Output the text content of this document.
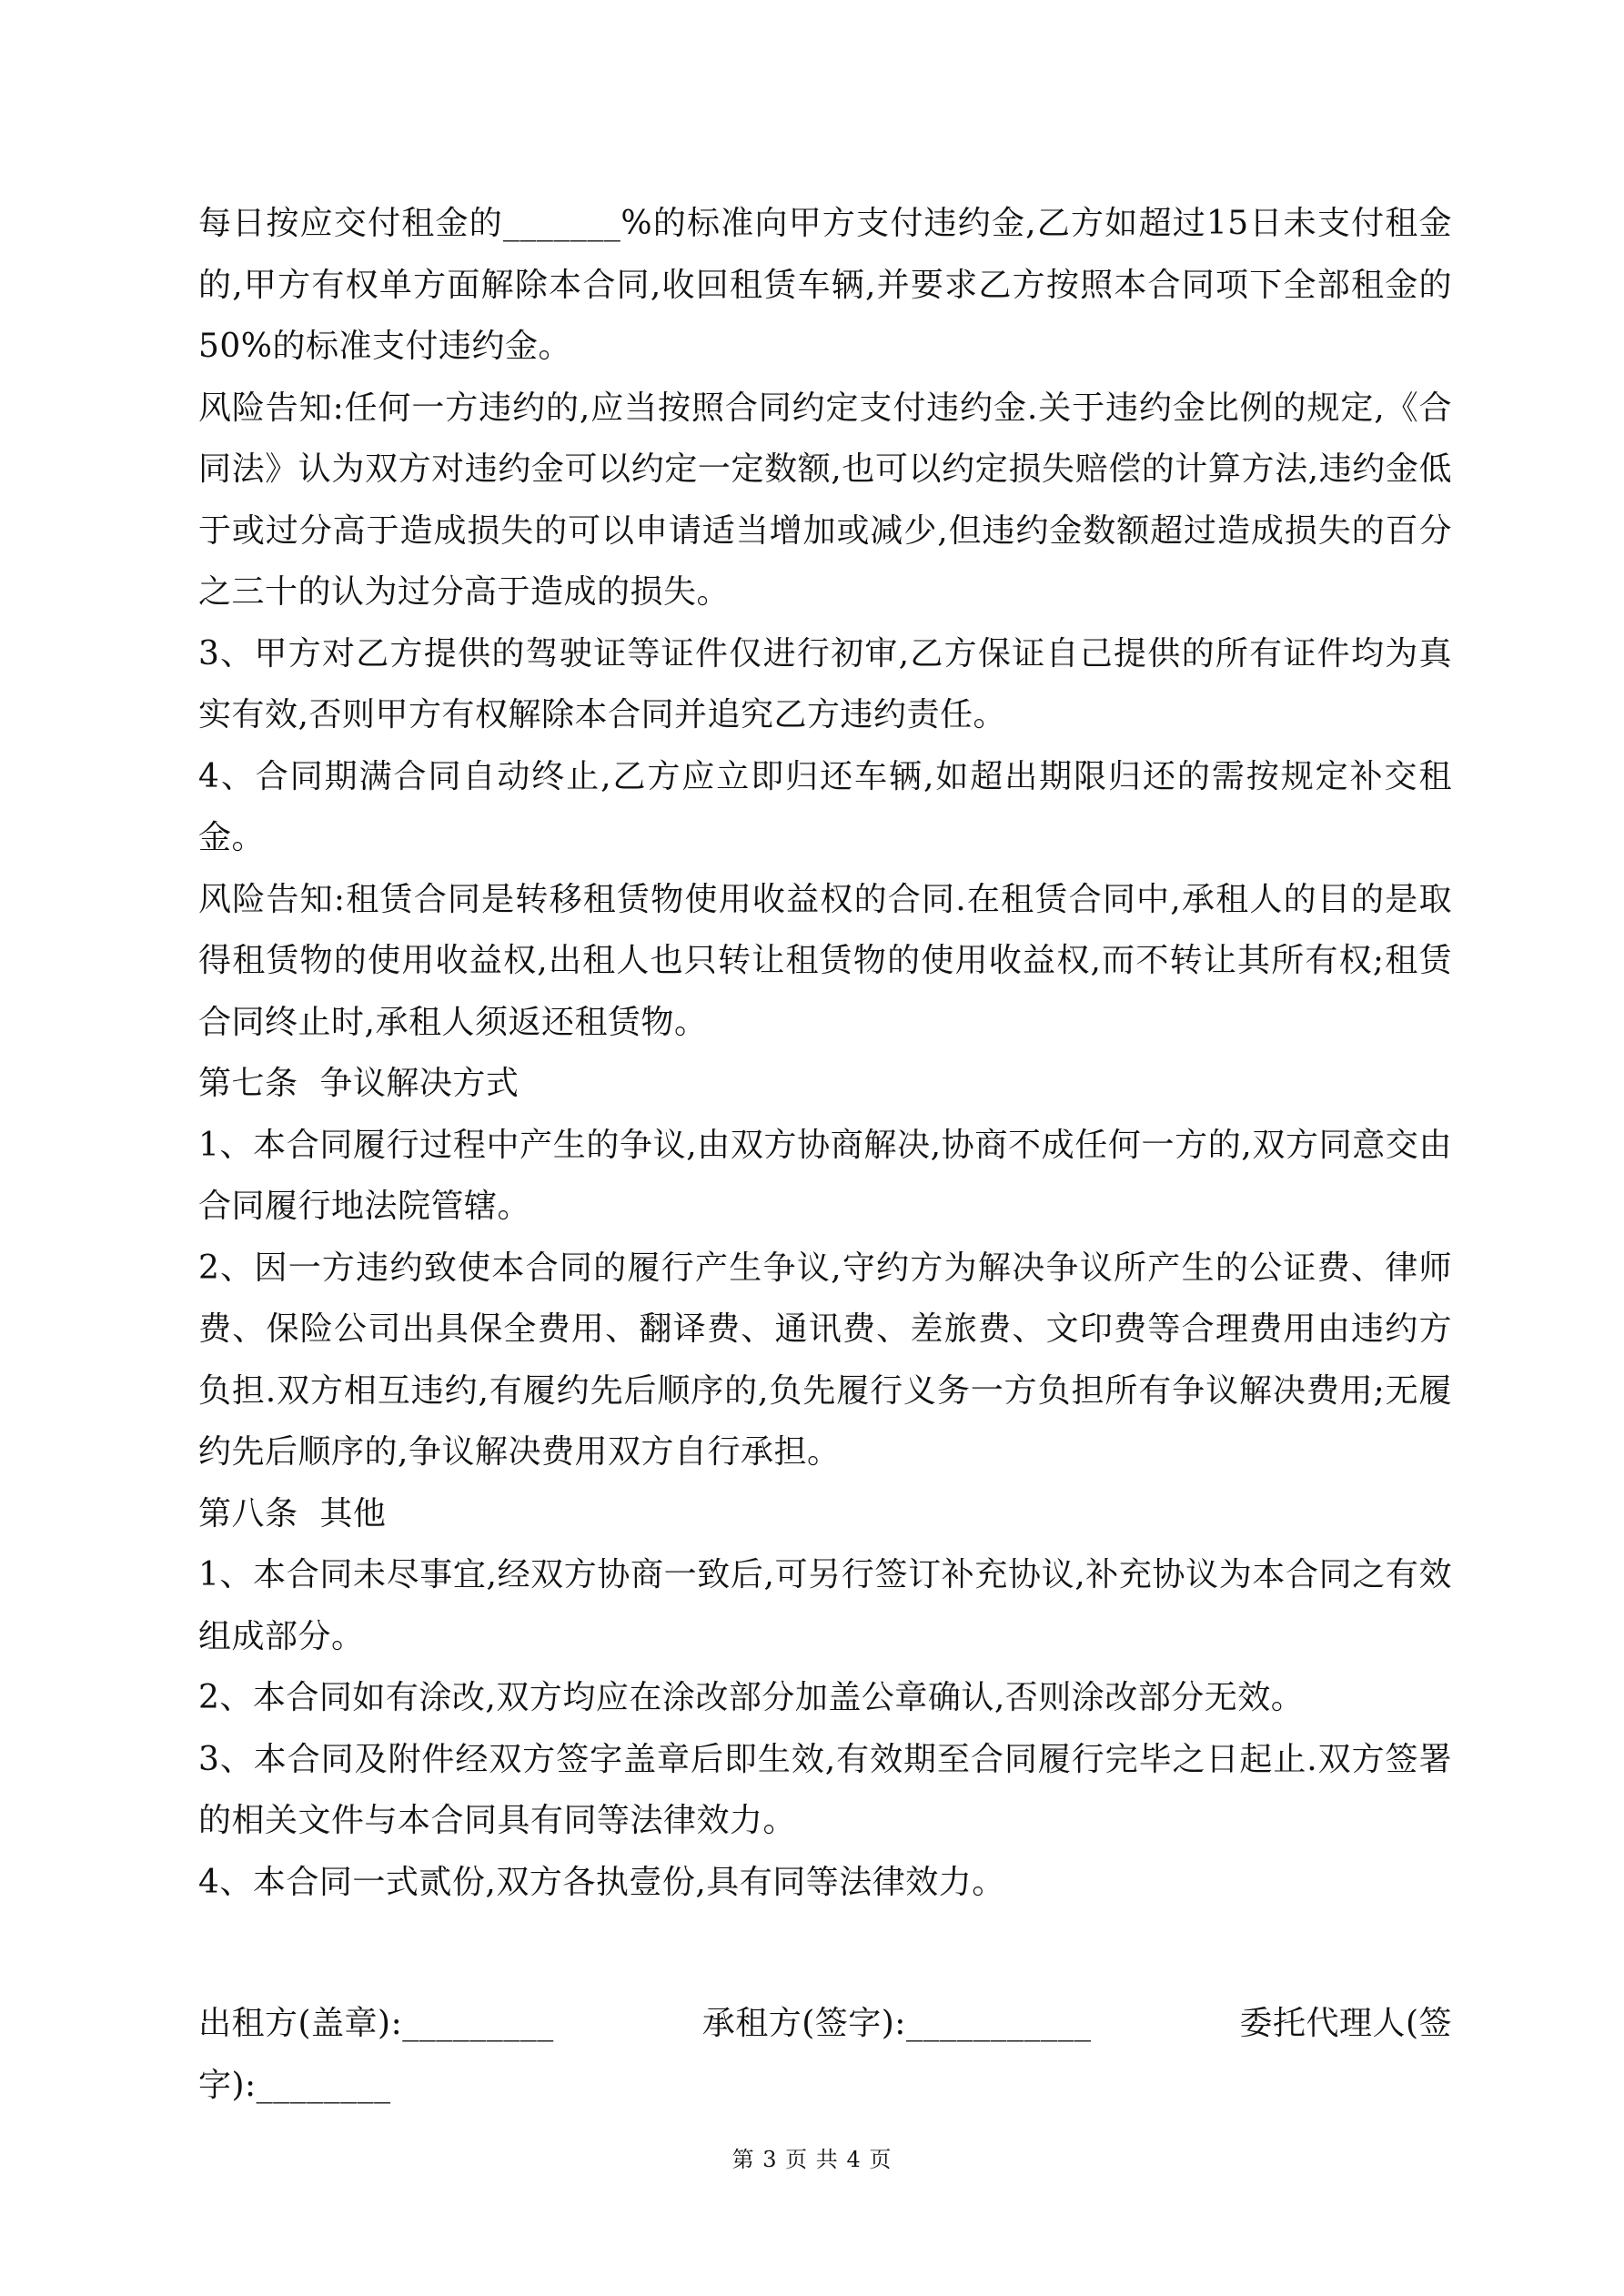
每日按应交付租金的_______%的标准向甲方支付违约金,乙方如超过15日未支付租金的,甲方有权单方面解除本合同,收回租赁车辆,并要求乙方按照本合同项下全部租金的50%的标准支付违约金。

风险告知:任何一方违约的,应当按照合同约定支付违约金.关于违约金比例的规定,《合同法》认为双方对违约金可以约定一定数额,也可以约定损失赔偿的计算方法,违约金低于或过分高于造成损失的可以申请适当增加或减少,但违约金数额超过造成损失的百分之三十的认为过分高于造成的损失。

3、甲方对乙方提供的驾驶证等证件仅进行初审,乙方保证自己提供的所有证件均为真实有效,否则甲方有权解除本合同并追究乙方违约责任。

4、合同期满合同自动终止,乙方应立即归还车辆,如超出期限归还的需按规定补交租金。

风险告知:租赁合同是转移租赁物使用收益权的合同.在租赁合同中,承租人的目的是取得租赁物的使用收益权,出租人也只转让租赁物的使用收益权,而不转让其所有权;租赁合同终止时,承租人须返还租赁物。

第七条  争议解决方式

1、本合同履行过程中产生的争议,由双方协商解决,协商不成任何一方的,双方同意交由合同履行地法院管辖。

2、因一方违约致使本合同的履行产生争议,守约方为解决争议所产生的公证费、律师费、保险公司出具保全费用、翻译费、通讯费、差旅费、文印费等合理费用由违约方负担.双方相互违约,有履约先后顺序的,负先履行义务一方负担所有争议解决费用;无履约先后顺序的,争议解决费用双方自行承担。

第八条  其他

1、本合同未尽事宜,经双方协商一致后,可另行签订补充协议,补充协议为本合同之有效组成部分。

2、本合同如有涂改,双方均应在涂改部分加盖公章确认,否则涂改部分无效。

3、本合同及附件经双方签字盖章后即生效,有效期至合同履行完毕之日起止.双方签署的相关文件与本合同具有同等法律效力。

4、本合同一式贰份,双方各执壹份,具有同等法律效力。

出租方(盖章):_________	承租方(签字):___________	委托代理人(签
字):________
第 3 页 共 4 页
